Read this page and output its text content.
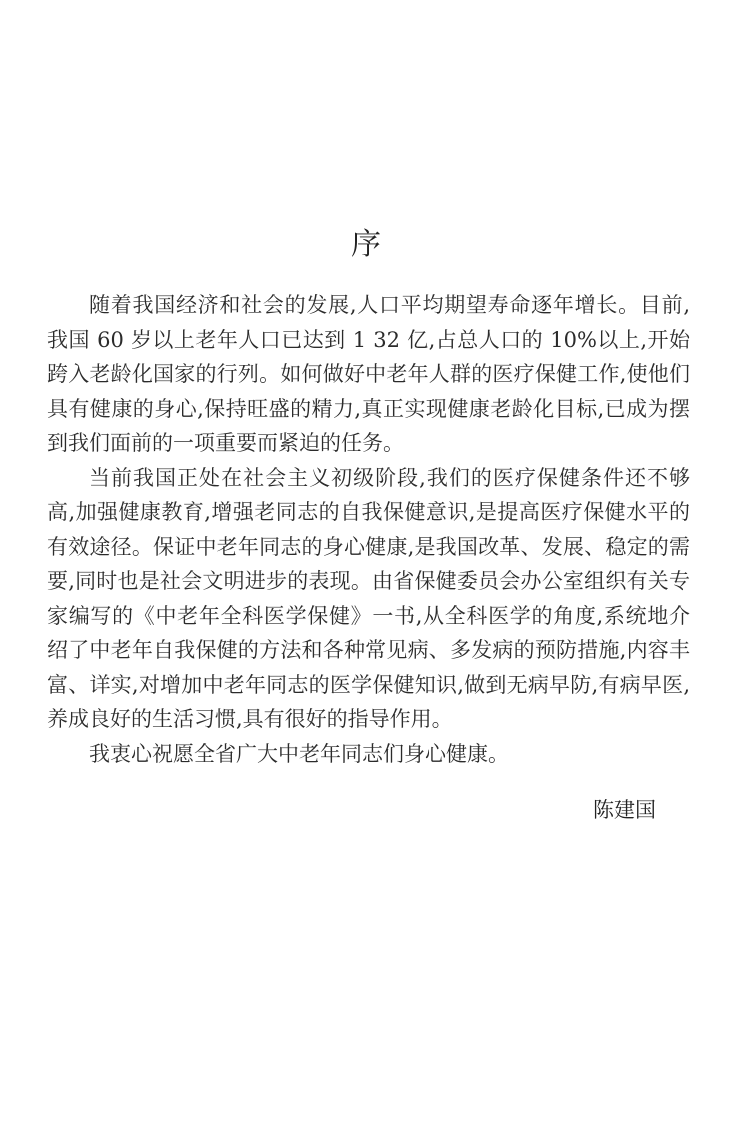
序

随着我国经济和社会的发展,人口平均期望寿命逐年增长。目前,我国 60 岁以上老年人口已达到 1 32 亿,占总人口的 10%以上,开始跨入老龄化国家的行列。如何做好中老年人群的医疗保健工作,使他们具有健康的身心,保持旺盛的精力,真正实现健康老龄化目标,已成为摆到我们面前的一项重要而紧迫的任务。

当前我国正处在社会主义初级阶段,我们的医疗保健条件还不够高,加强健康教育,增强老同志的自我保健意识,是提高医疗保健水平的有效途径。保证中老年同志的身心健康,是我国改革、发展、稳定的需要,同时也是社会文明进步的表现。由省保健委员会办公室组织有关专家编写的《中老年全科医学保健》一书,从全科医学的角度,系统地介绍了中老年自我保健的方法和各种常见病、多发病的预防措施,内容丰富、详实,对增加中老年同志的医学保健知识,做到无病早防,有病早医,养成良好的生活习惯,具有很好的指导作用。

我衷心祝愿全省广大中老年同志们身心健康。

陈建国
